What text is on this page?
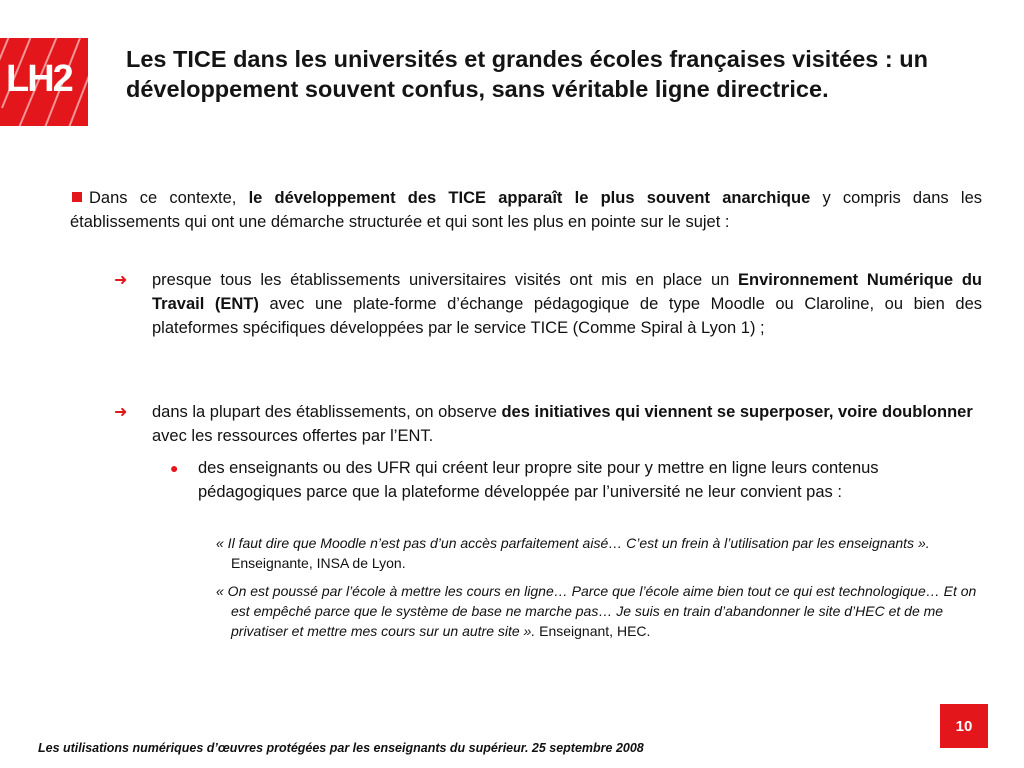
LH2 Les TICE dans les universités et grandes écoles françaises visitées : un développement souvent confus, sans véritable ligne directrice.
Dans ce contexte, le développement des TICE apparaît le plus souvent anarchique y compris dans les établissements qui ont une démarche structurée et qui sont les plus en pointe sur le sujet :
➜ presque tous les établissements universitaires visités ont mis en place un Environnement Numérique du Travail (ENT) avec une plate-forme d’échange pédagogique de type Moodle ou Claroline, ou bien des plateformes spécifiques développées par le service TICE (Comme Spiral à Lyon 1) ;
➜ dans la plupart des établissements, on observe des initiatives qui viennent se superposer, voire doublonner avec les ressources offertes par l’ENT.
● des enseignants ou des UFR qui créent leur propre site pour y mettre en ligne leurs contenus pédagogiques parce que la plateforme développée par l’université ne leur convient pas :
« Il faut dire que Moodle n’est pas d’un accès parfaitement aisé… C’est un frein à l’utilisation par les enseignants ». Enseignante, INSA de Lyon.
« On est poussé par l’école à mettre les cours en ligne… Parce que l’école aime bien tout ce qui est technologique… Et on est empêché parce que le système de base ne marche pas… Je suis en train d’abandonner le site d’HEC et de me privatiser et mettre mes cours sur un autre site ». Enseignant, HEC.
Les utilisations numériques d’œuvres protégées par les enseignants du supérieur. 25 septembre 2008
10
